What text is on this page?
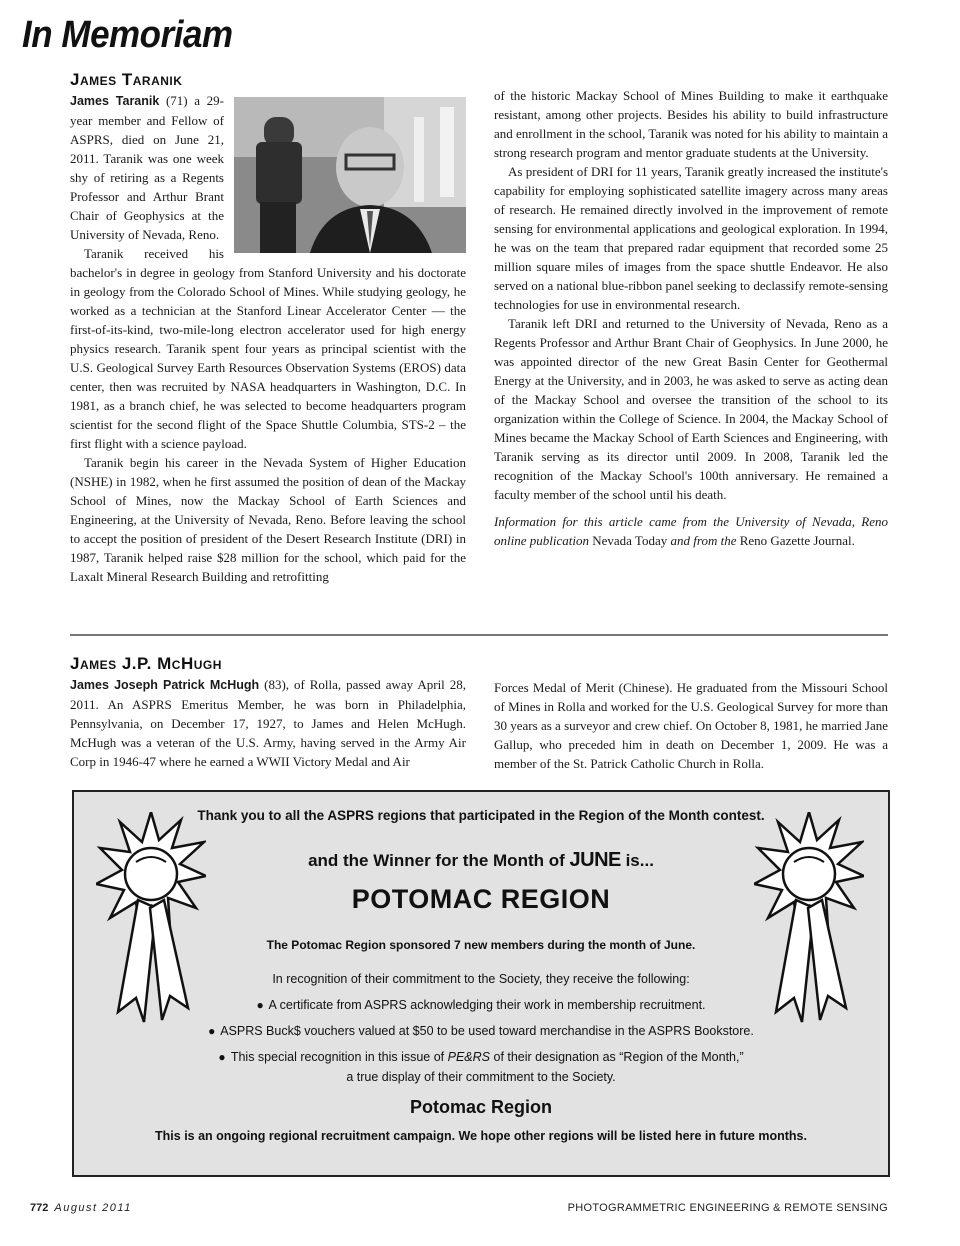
In Memoriam
James Taranik

James Taranik (71) a 29-year member and Fellow of ASPRS, died on June 21, 2011. Taranik was one week shy of retiring as a Regents Professor and Arthur Brant Chair of Geophysics at the University of Nevada, Reno.

Taranik received his bachelor's in degree in geology from Stanford University and his doctorate in geology from the Colorado School of Mines. While studying geology, he worked as a technician at the Stanford Linear Accelerator Center — the first-of-its-kind, two-mile-long electron accelerator used for high energy physics research. Taranik spent four years as principal scientist with the U.S. Geological Survey Earth Resources Observation Systems (EROS) data center, then was recruited by NASA headquarters in Washington, D.C. In 1981, as a branch chief, he was selected to become headquarters program scientist for the second flight of the Space Shuttle Columbia, STS-2 – the first flight with a science payload.

Taranik begin his career in the Nevada System of Higher Education (NSHE) in 1982, when he first assumed the position of dean of the Mackay School of Mines, now the Mackay School of Earth Sciences and Engineering, at the University of Nevada, Reno. Before leaving the school to accept the position of president of the Desert Research Institute (DRI) in 1987, Taranik helped raise $28 million for the school, which paid for the Laxalt Mineral Research Building and retrofitting

of the historic Mackay School of Mines Building to make it earthquake resistant, among other projects. Besides his ability to build infrastructure and enrollment in the school, Taranik was noted for his ability to maintain a strong research program and mentor graduate students at the University.

As president of DRI for 11 years, Taranik greatly increased the institute's capability for employing sophisticated satellite imagery across many areas of research. He remained directly involved in the improvement of remote sensing for environmental applications and geological exploration. In 1994, he was on the team that prepared radar equipment that recorded some 25 million square miles of images from the space shuttle Endeavor. He also served on a national blue-ribbon panel seeking to declassify remote-sensing technologies for use in environmental research.

Taranik left DRI and returned to the University of Nevada, Reno as a Regents Professor and Arthur Brant Chair of Geophysics. In June 2000, he was appointed director of the new Great Basin Center for Geothermal Energy at the University, and in 2003, he was asked to serve as acting dean of the Mackay School and oversee the transition of the school to its organization within the College of Science. In 2004, the Mackay School of Mines became the Mackay School of Earth Sciences and Engineering, with Taranik serving as its director until 2009. In 2008, Taranik led the recognition of the Mackay School's 100th anniversary. He remained a faculty member of the school until his death.

Information for this article came from the University of Nevada, Reno online publication Nevada Today and from the Reno Gazette Journal.

James J.P. McHugh

James Joseph Patrick McHugh (83), of Rolla, passed away April 28, 2011. An ASPRS Emeritus Member, he was born in Philadelphia, Pennsylvania, on December 17, 1927, to James and Helen McHugh. McHugh was a veteran of the U.S. Army, having served in the Army Air Corp in 1946-47 where he earned a WWII Victory Medal and Air

Forces Medal of Merit (Chinese). He graduated from the Missouri School of Mines in Rolla and worked for the U.S. Geological Survey for more than 30 years as a surveyor and crew chief. On October 8, 1981, he married Jane Gallup, who preceded him in death on December 1, 2009. He was a member of the St. Patrick Catholic Church in Rolla.

Thank you to all the ASPRS regions that participated in the Region of the Month contest.
and the Winner for the Month of JUNE is...
POTOMAC REGION
The Potomac Region sponsored 7 new members during the month of June.
In recognition of their commitment to the Society, they receive the following:
● A certificate from ASPRS acknowledging their work in membership recruitment.
● ASPRS Buck$ vouchers valued at $50 to be used toward merchandise in the ASPRS Bookstore.
● This special recognition in this issue of PE&RS of their designation as “Region of the Month,”
a true display of their commitment to the Society.
Potomac Region
This is an ongoing regional recruitment campaign. We hope other regions will be listed here in future months.
772 August 2011	PHOTOGRAMMETRIC ENGINEERING & REMOTE SENSING
